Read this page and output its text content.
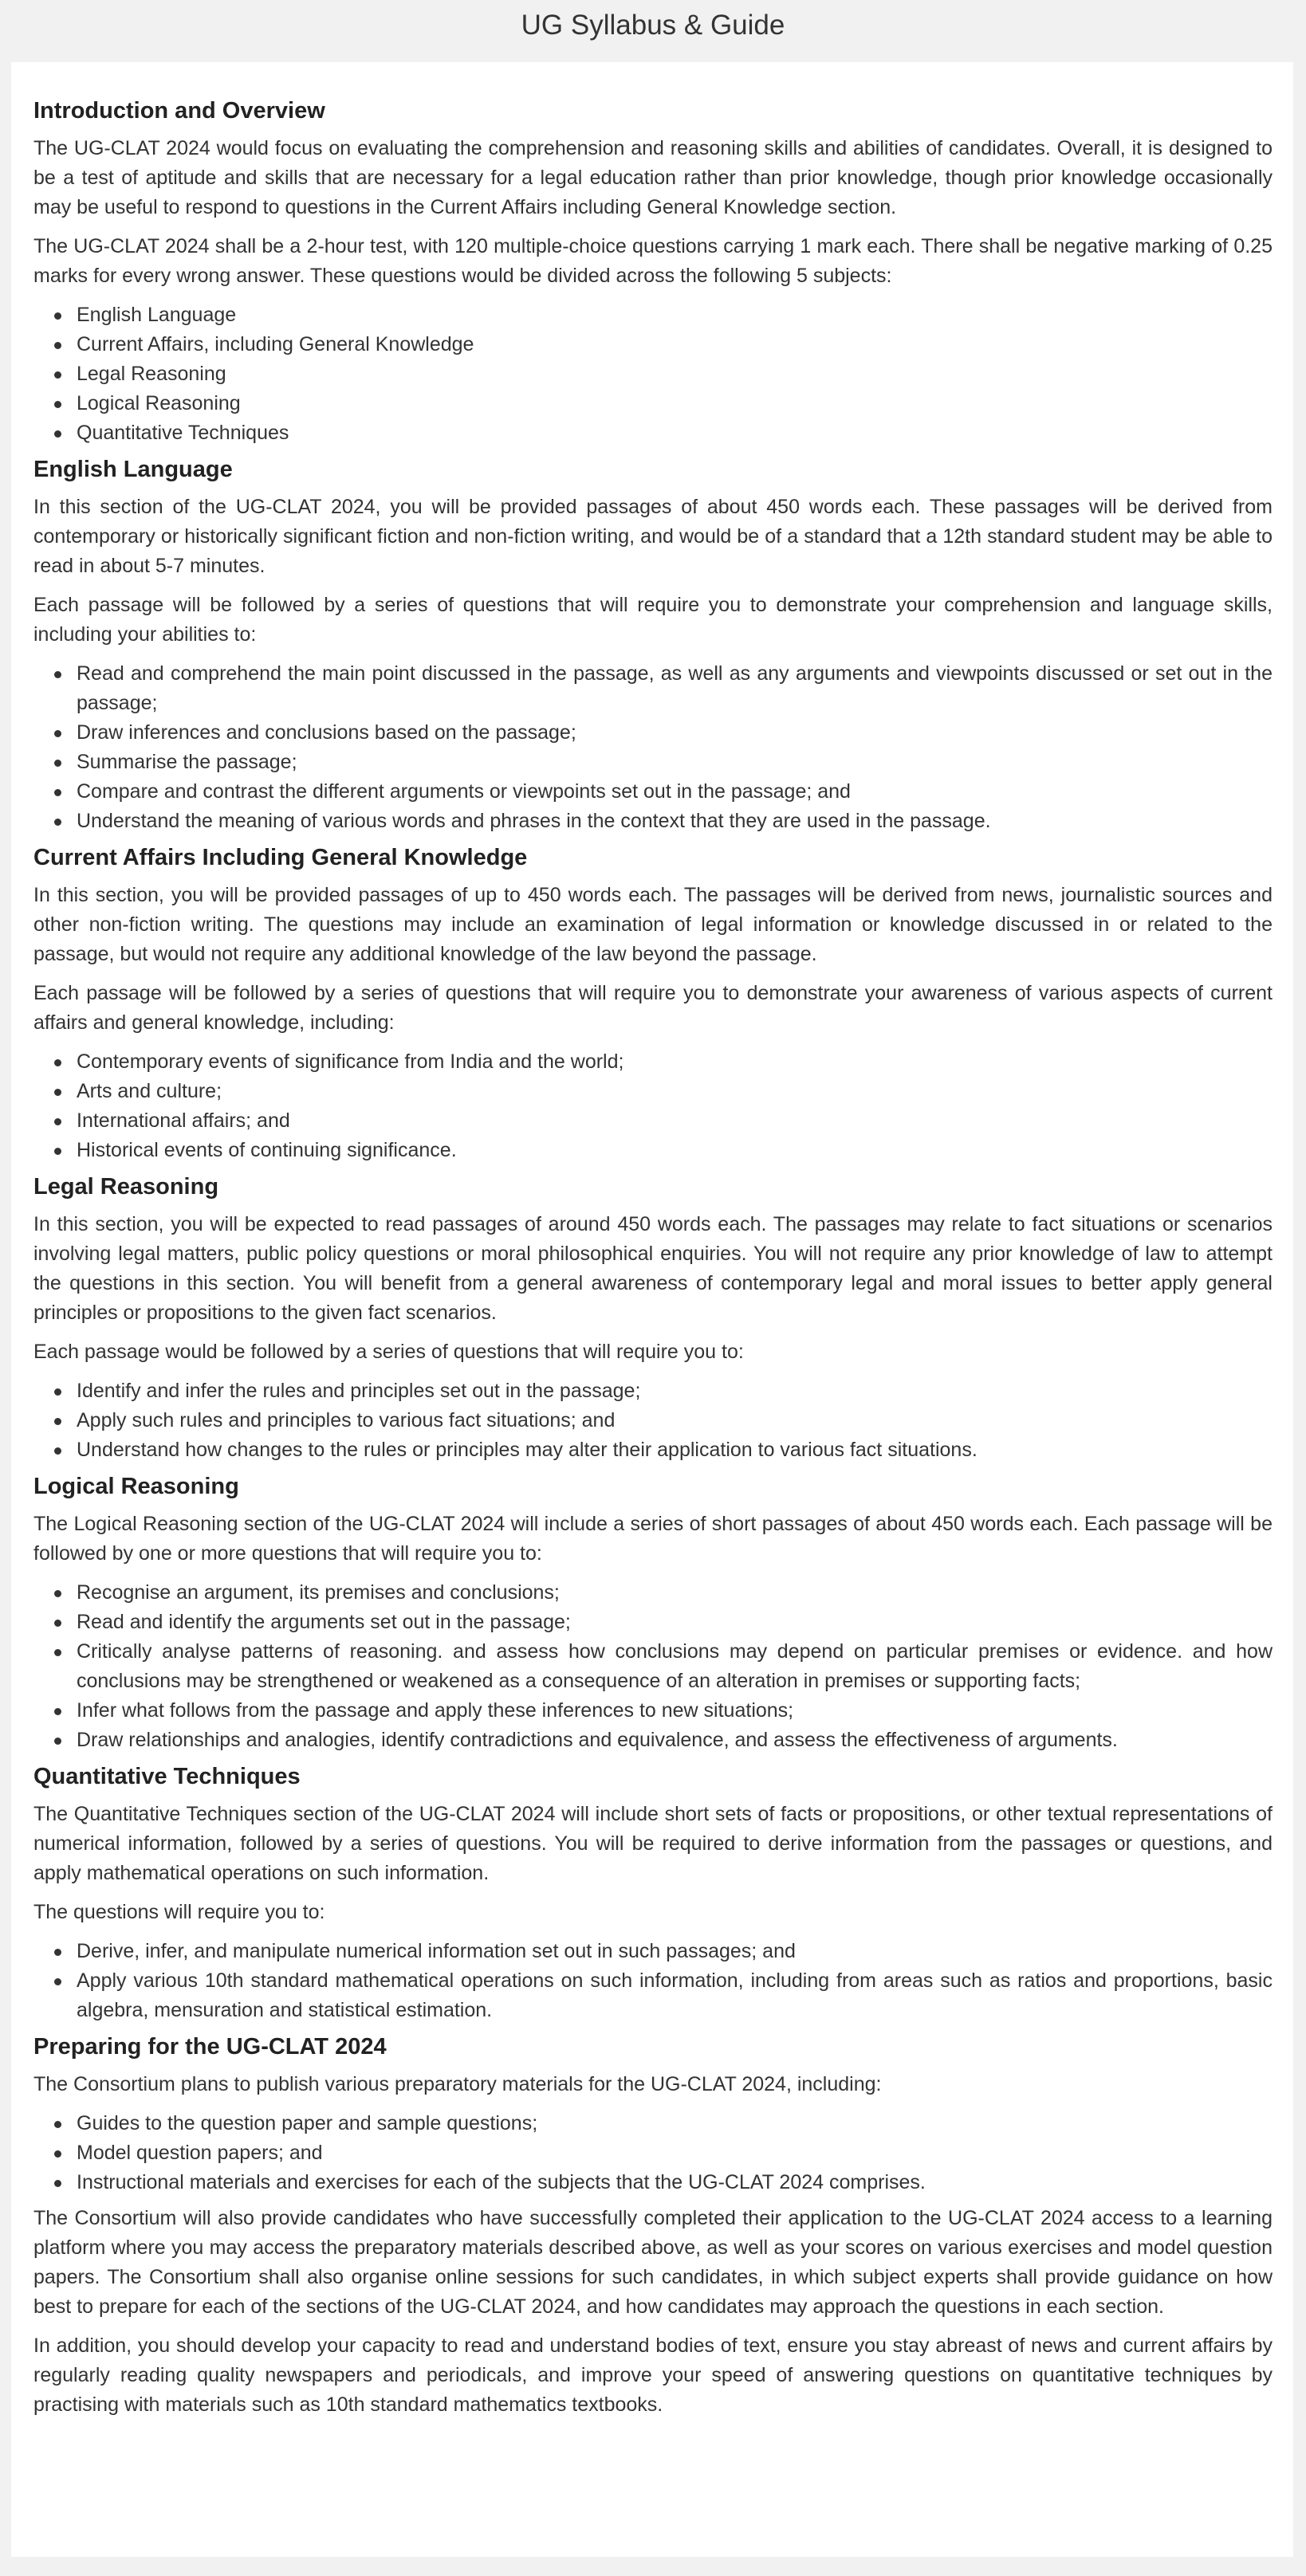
UG Syllabus & Guide
Introduction and Overview

The UG-CLAT 2024 would focus on evaluating the comprehension and reasoning skills and abilities of candidates. Overall, it is designed to be a test of aptitude and skills that are necessary for a legal education rather than prior knowledge, though prior knowledge occasionally may be useful to respond to questions in the Current Affairs including General Knowledge section.

The UG-CLAT 2024 shall be a 2-hour test, with 120 multiple-choice questions carrying 1 mark each. There shall be negative marking of 0.25 marks for every wrong answer. These questions would be divided across the following 5 subjects:

English Language
Current Affairs, including General Knowledge
Legal Reasoning
Logical Reasoning
Quantitative Techniques
English Language

In this section of the UG-CLAT 2024, you will be provided passages of about 450 words each. These passages will be derived from contemporary or historically significant fiction and non-fiction writing, and would be of a standard that a 12th standard student may be able to read in about 5-7 minutes.

Each passage will be followed by a series of questions that will require you to demonstrate your comprehension and language skills, including your abilities to:

Read and comprehend the main point discussed in the passage, as well as any arguments and viewpoints discussed or set out in the passage;
Draw inferences and conclusions based on the passage;
Summarise the passage;
Compare and contrast the different arguments or viewpoints set out in the passage; and
Understand the meaning of various words and phrases in the context that they are used in the passage.
Current Affairs Including General Knowledge

In this section, you will be provided passages of up to 450 words each. The passages will be derived from news, journalistic sources and other non-fiction writing. The questions may include an examination of legal information or knowledge discussed in or related to the passage, but would not require any additional knowledge of the law beyond the passage.

Each passage will be followed by a series of questions that will require you to demonstrate your awareness of various aspects of current affairs and general knowledge, including:

Contemporary events of significance from India and the world;
Arts and culture;
International affairs; and
Historical events of continuing significance.
Legal Reasoning

In this section, you will be expected to read passages of around 450 words each. The passages may relate to fact situations or scenarios involving legal matters, public policy questions or moral philosophical enquiries. You will not require any prior knowledge of law to attempt the questions in this section. You will benefit from a general awareness of contemporary legal and moral issues to better apply general principles or propositions to the given fact scenarios.

Each passage would be followed by a series of questions that will require you to:

Identify and infer the rules and principles set out in the passage;
Apply such rules and principles to various fact situations; and
Understand how changes to the rules or principles may alter their application to various fact situations.
Logical Reasoning

The Logical Reasoning section of the UG-CLAT 2024 will include a series of short passages of about 450 words each. Each passage will be followed by one or more questions that will require you to:

Recognise an argument, its premises and conclusions;
Read and identify the arguments set out in the passage;
Critically analyse patterns of reasoning. and assess how conclusions may depend on particular premises or evidence. and how conclusions may be strengthened or weakened as a consequence of an alteration in premises or supporting facts;
Infer what follows from the passage and apply these inferences to new situations;
Draw relationships and analogies, identify contradictions and equivalence, and assess the effectiveness of arguments.
Quantitative Techniques

The Quantitative Techniques section of the UG-CLAT 2024 will include short sets of facts or propositions, or other textual representations of numerical information, followed by a series of questions. You will be required to derive information from the passages or questions, and apply mathematical operations on such information.

The questions will require you to:

Derive, infer, and manipulate numerical information set out in such passages; and
Apply various 10th standard mathematical operations on such information, including from areas such as ratios and proportions, basic algebra, mensuration and statistical estimation.
Preparing for the UG-CLAT 2024

The Consortium plans to publish various preparatory materials for the UG-CLAT 2024, including:

Guides to the question paper and sample questions;
Model question papers; and
Instructional materials and exercises for each of the subjects that the UG-CLAT 2024 comprises.

The Consortium will also provide candidates who have successfully completed their application to the UG-CLAT 2024 access to a learning platform where you may access the preparatory materials described above, as well as your scores on various exercises and model question papers. The Consortium shall also organise online sessions for such candidates, in which subject experts shall provide guidance on how best to prepare for each of the sections of the UG-CLAT 2024, and how candidates may approach the questions in each section.

In addition, you should develop your capacity to read and understand bodies of text, ensure you stay abreast of news and current affairs by regularly reading quality newspapers and periodicals, and improve your speed of answering questions on quantitative techniques by practising with materials such as 10th standard mathematics textbooks.
